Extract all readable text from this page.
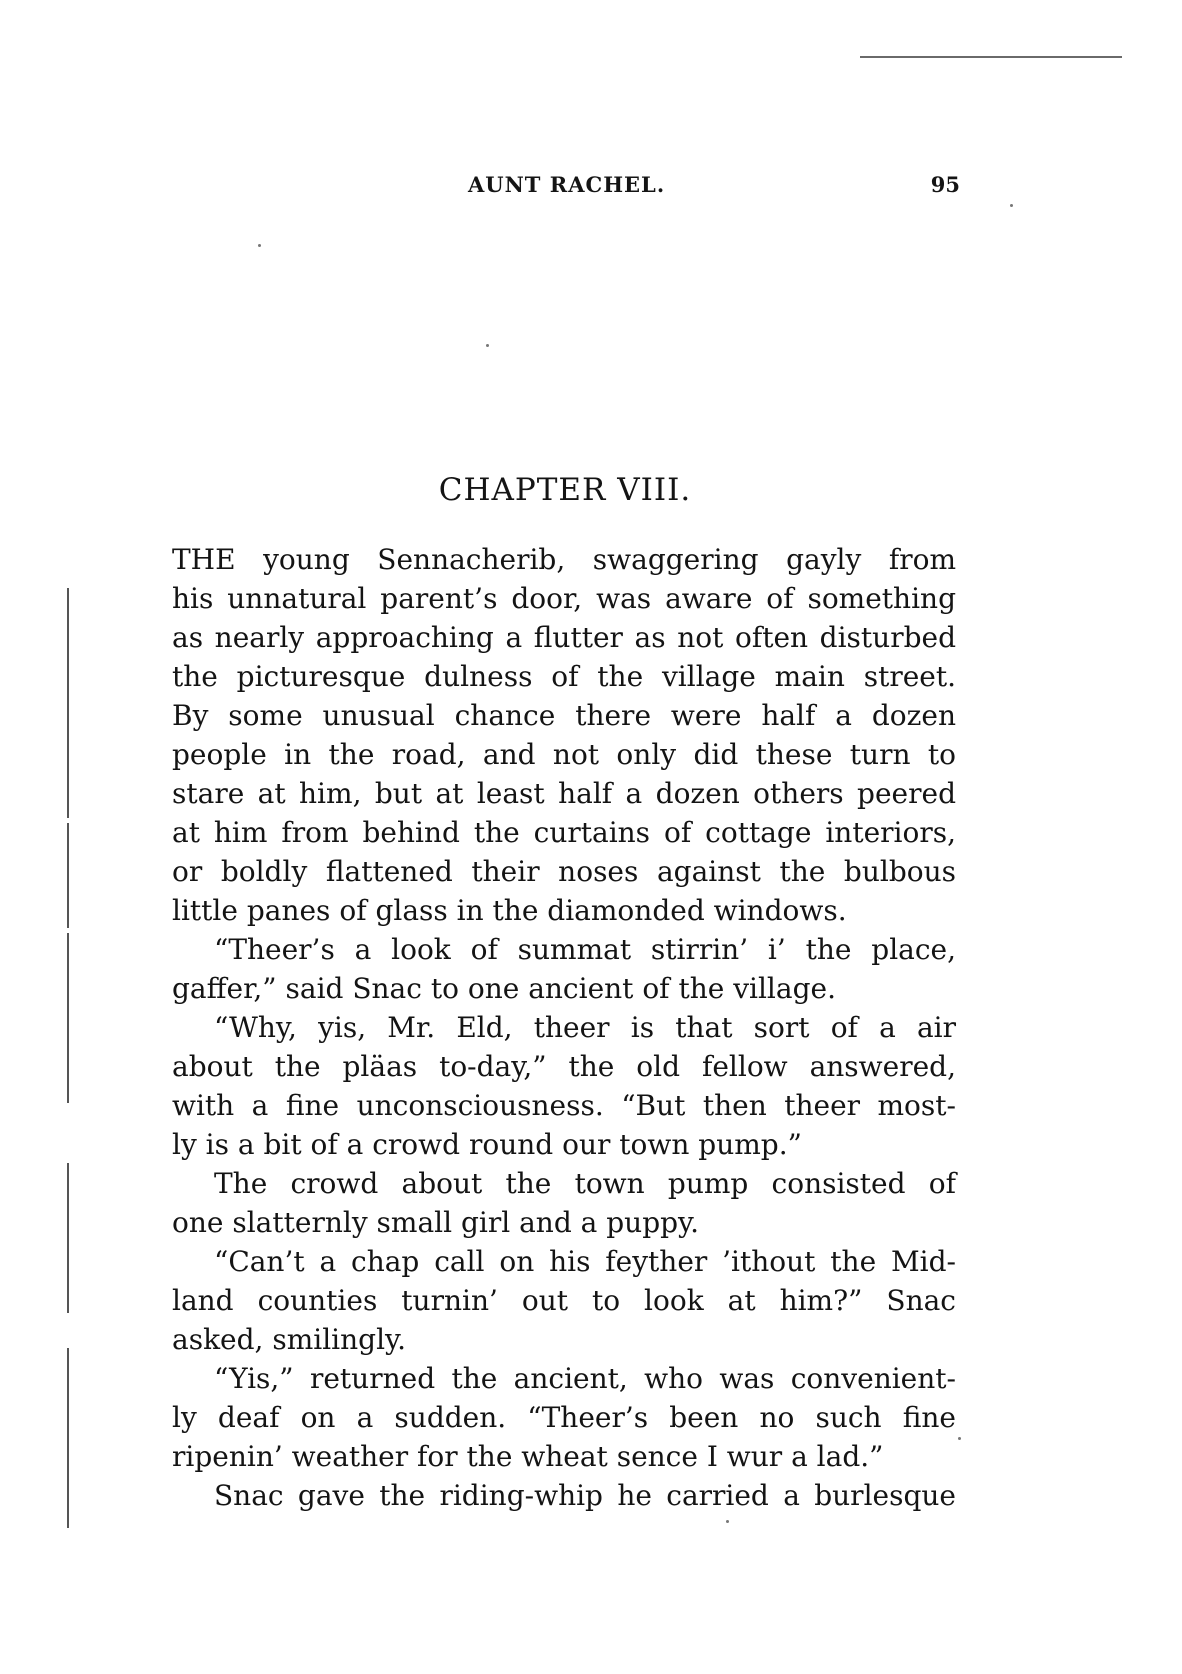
AUNT RACHEL.	95
CHAPTER VIII.
THE young Sennacherib, swaggering gayly from
his unnatural parent’s door, was aware of something
as nearly approaching a flutter as not often disturbed
the picturesque dulness of the village main street.
By some unusual chance there were half a dozen
people in the road, and not only did these turn to
stare at him, but at least half a dozen others peered
at him from behind the curtains of cottage interiors,
or boldly flattened their noses against the bulbous
little panes of glass in the diamonded windows.
“Theer’s a look of summat stirrin’ i’ the place,
gaffer,” said Snac to one ancient of the village.
“Why, yis, Mr. Eld, theer is that sort of a air
about the pläas to-day,” the old fellow answered,
with a fine unconsciousness. “But then theer most-
ly is a bit of a crowd round our town pump.”
The crowd about the town pump consisted of
one slatternly small girl and a puppy.
“Can’t a chap call on his feyther ’ithout the Mid-
land counties turnin’ out to look at him?” Snac
asked, smilingly.
“Yis,” returned the ancient, who was convenient-
ly deaf on a sudden. “Theer’s been no such fine
ripenin’ weather for the wheat sence I wur a lad.”
Snac gave the riding-whip he carried a burlesque
